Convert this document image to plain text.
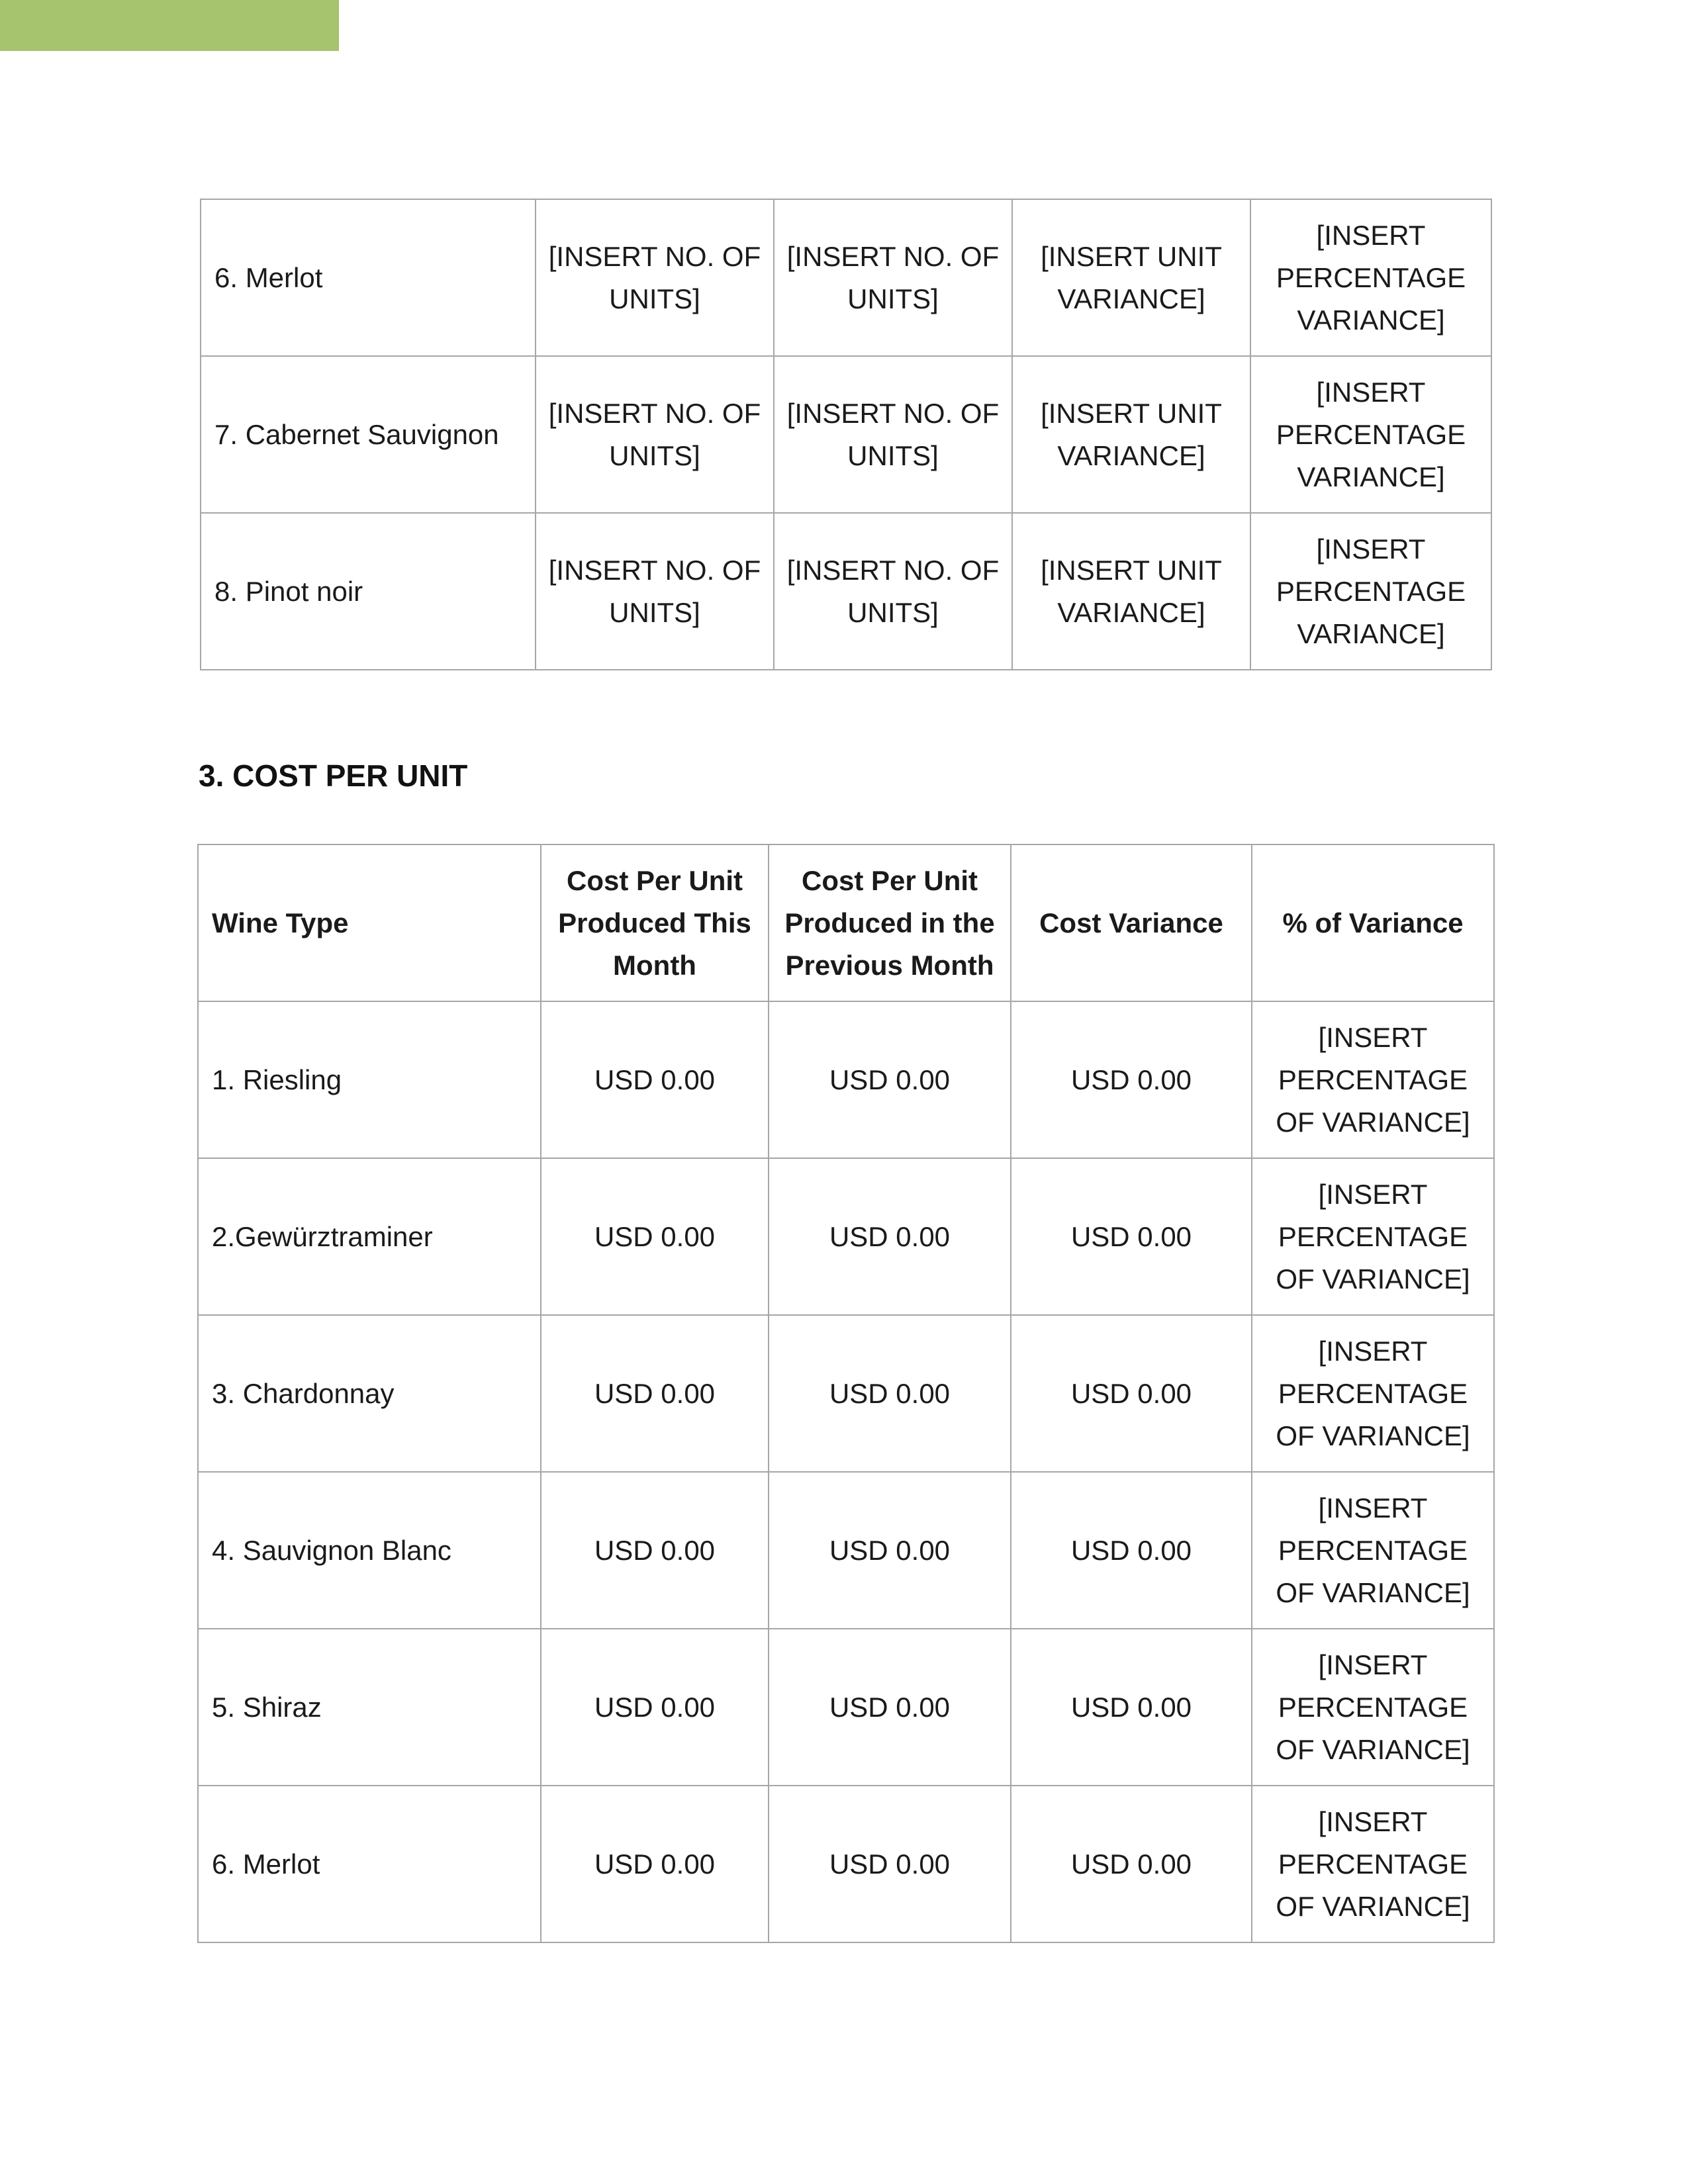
6. Merlot	[INSERT NO. OF UNITS]	[INSERT NO. OF UNITS]	[INSERT UNIT VARIANCE]	[INSERT PERCENTAGE VARIANCE]
7. Cabernet Sauvignon	[INSERT NO. OF UNITS]	[INSERT NO. OF UNITS]	[INSERT UNIT VARIANCE]	[INSERT PERCENTAGE VARIANCE]
8. Pinot noir	[INSERT NO. OF UNITS]	[INSERT NO. OF UNITS]	[INSERT UNIT VARIANCE]	[INSERT PERCENTAGE VARIANCE]
3. COST PER UNIT
Wine Type	Cost Per Unit Produced This Month	Cost Per Unit Produced in the Previous Month	Cost Variance	% of Variance
1. Riesling	USD 0.00	USD 0.00	USD 0.00	[INSERT PERCENTAGE OF VARIANCE]
2.Gewürztraminer	USD 0.00	USD 0.00	USD 0.00	[INSERT PERCENTAGE OF VARIANCE]
3. Chardonnay	USD 0.00	USD 0.00	USD 0.00	[INSERT PERCENTAGE OF VARIANCE]
4. Sauvignon Blanc	USD 0.00	USD 0.00	USD 0.00	[INSERT PERCENTAGE OF VARIANCE]
5. Shiraz	USD 0.00	USD 0.00	USD 0.00	[INSERT PERCENTAGE OF VARIANCE]
6. Merlot	USD 0.00	USD 0.00	USD 0.00	[INSERT PERCENTAGE OF VARIANCE]
